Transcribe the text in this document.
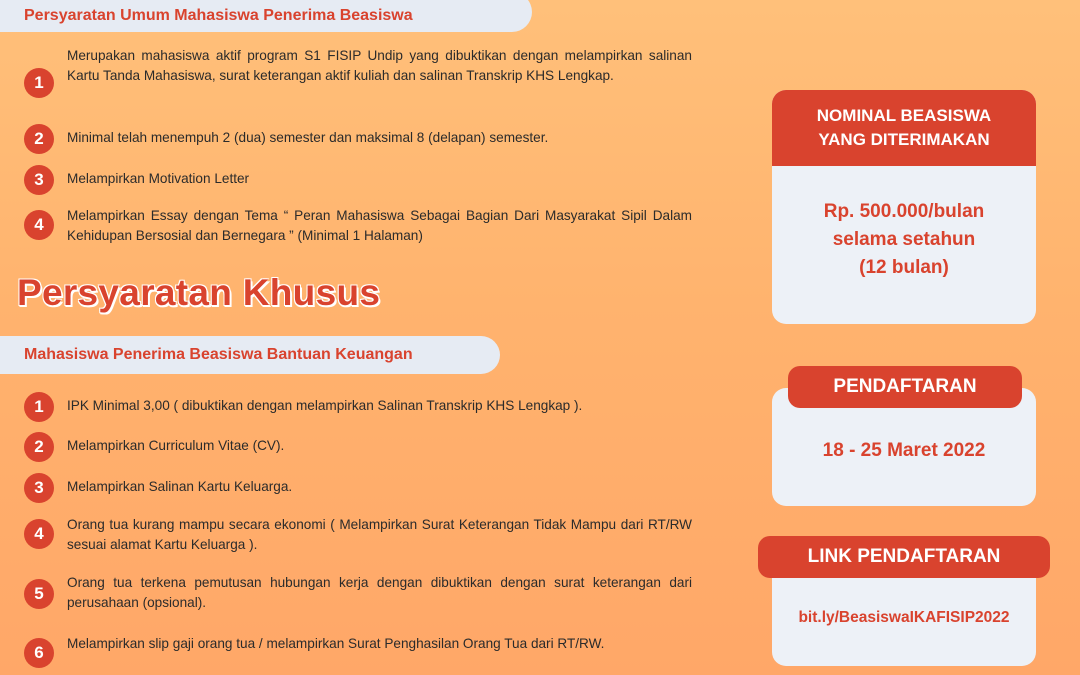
Persyaratan Umum Mahasiswa Penerima Beasiswa
1
Merupakan mahasiswa aktif program S1 FISIP Undip yang dibuktikan dengan melampirkan salinan Kartu Tanda Mahasiswa, surat keterangan aktif kuliah dan salinan Transkrip KHS Lengkap.
2	Minimal telah menempuh 2 (dua) semester dan maksimal 8 (delapan) semester.
3	Melampirkan Motivation Letter
4	Melampirkan Essay dengan Tema “ Peran Mahasiswa Sebagai Bagian Dari Masyarakat Sipil Dalam Kehidupan Bersosial dan Bernegara ” (Minimal 1 Halaman)
Persyaratan Khusus
Mahasiswa Penerima Beasiswa Bantuan Keuangan
1	IPK Minimal 3,00 ( dibuktikan dengan melampirkan Salinan Transkrip KHS Lengkap ).
2	Melampirkan Curriculum Vitae (CV).
3	Melampirkan Salinan Kartu Keluarga.
4	Orang tua kurang mampu secara ekonomi ( Melampirkan Surat Keterangan Tidak Mampu dari RT/RW sesuai alamat Kartu Keluarga ).
5
Orang tua terkena pemutusan hubungan kerja dengan dibuktikan dengan surat keterangan dari perusahaan (opsional).
6	Melampirkan slip gaji orang tua / melampirkan Surat Penghasilan Orang Tua dari RT/RW.
NOMINAL BEASISWA
YANG DITERIMAKAN
Rp. 500.000/bulan
selama setahun
(12 bulan)
PENDAFTARAN
18 - 25 Maret 2022
LINK PENDAFTARAN
bit.ly/BeasiswaIKAFISIP2022
